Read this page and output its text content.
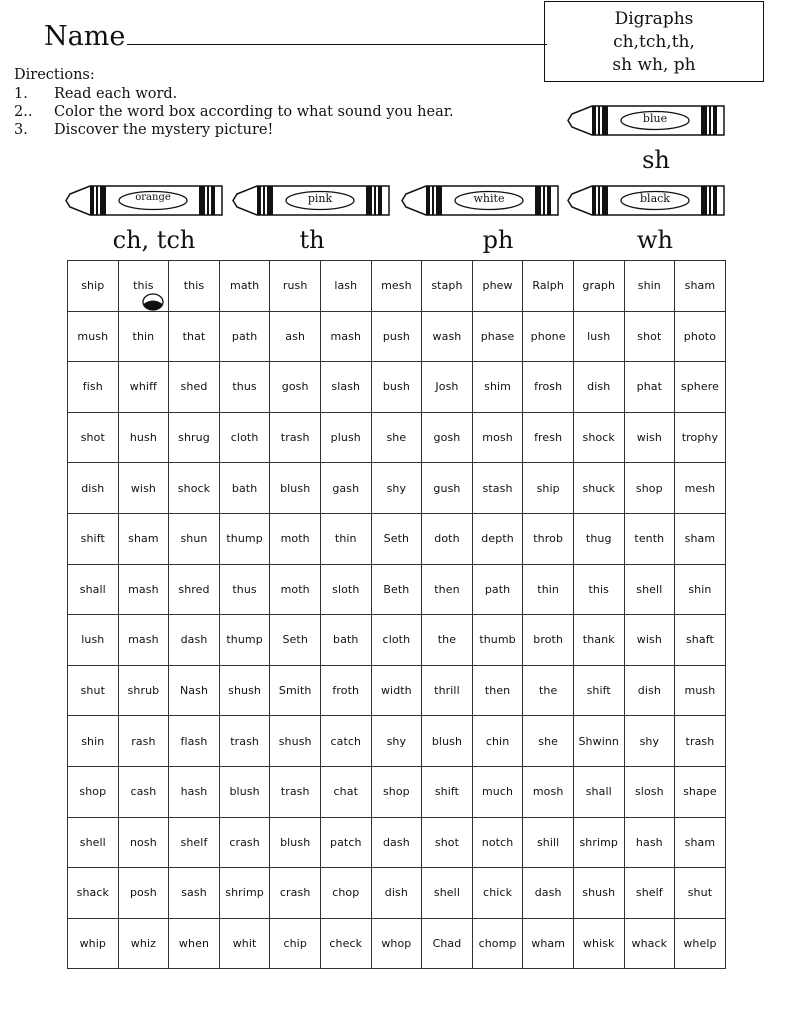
Name
Digraphs
ch,tch,th,
sh wh, ph
Directions:
1.	Read each word.
2..	Color the word box according to what sound you hear.
3.	Discover the mystery picture!
blue
sh
orange
ch, tch
pink
th
white
ph
black
wh
ship	this	this	math	rush	lash	mesh	staph	phew	Ralph	graph	shin	sham
mush	thin	that	path	ash	mash	push	wash	phase	phone	lush	shot	photo
fish	whiff	shed	thus	gosh	slash	bush	Josh	shim	frosh	dish	phat	sphere
shot	hush	shrug	cloth	trash	plush	she	gosh	mosh	fresh	shock	wish	trophy
dish	wish	shock	bath	blush	gash	shy	gush	stash	ship	shuck	shop	mesh
shift	sham	shun	thump	moth	thin	Seth	doth	depth	throb	thug	tenth	sham
shall	mash	shred	thus	moth	sloth	Beth	then	path	thin	this	shell	shin
lush	mash	dash	thump	Seth	bath	cloth	the	thumb	broth	thank	wish	shaft
shut	shrub	Nash	shush	Smith	froth	width	thrill	then	the	shift	dish	mush
shin	rash	flash	trash	shush	catch	shy	blush	chin	she	Shwinn	shy	trash
shop	cash	hash	blush	trash	chat	shop	shift	much	mosh	shall	slosh	shape
shell	nosh	shelf	crash	blush	patch	dash	shot	notch	shill	shrimp	hash	sham
shack	posh	sash	shrimp	crash	chop	dish	shell	chick	dash	shush	shelf	shut
whip	whiz	when	whit	chip	check	whop	Chad	chomp	wham	whisk	whack	whelp
